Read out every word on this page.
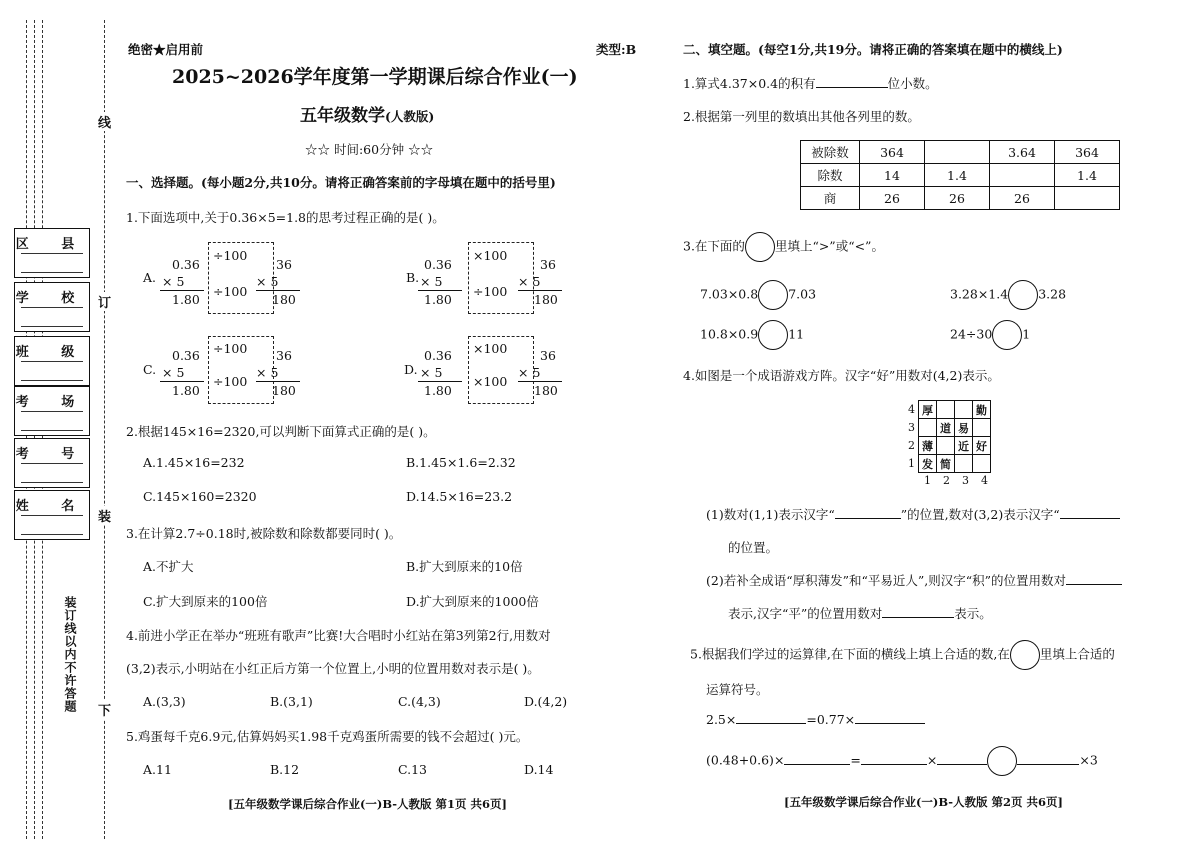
区 县
学 校
班 级
考 场
考 号
姓 名
线
订
装
下
装订线以内不许答题
绝密★启用前	类型:B
2025~2026学年度第一学期课后综合作业(一)
五年级数学(人教版)
☆☆ 时间:60分钟 ☆☆
一、选择题。(每小题2分,共10分。请将正确答案前的字母填在题中的括号里)
1.下面选项中,关于0.36×5=1.8的思考过程正确的是( )。
A.
0.36
× 5
1.80
÷100
÷100
36
× 5
180
B.
0.36
× 5
1.80
×100
÷100
36
× 5
180
C.
0.36
× 5
1.80
÷100
÷100
36
× 5
180
D.
0.36
× 5
1.80
×100
×100
36
× 5
180
2.根据145×16=2320,可以判断下面算式正确的是( )。
A.1.45×16=232	B.1.45×1.6=2.32
C.145×160=2320	D.14.5×16=23.2
3.在计算2.7÷0.18时,被除数和除数都要同时( )。
A.不扩大	B.扩大到原来的10倍
C.扩大到原来的100倍	D.扩大到原来的1000倍
4.前进小学正在举办“班班有歌声”比赛!大合唱时小红站在第3列第2行,用数对
(3,2)表示,小明站在小红正后方第一个位置上,小明的位置用数对表示是( )。
A.(3,3)	B.(3,1)	C.(4,3)	D.(4,2)
5.鸡蛋每千克6.9元,估算妈妈买1.98千克鸡蛋所需要的钱不会超过( )元。
A.11	B.12	C.13	D.14
[五年级数学课后综合作业(一)B-人教版 第1页 共6页]
二、填空题。(每空1分,共19分。请将正确的答案填在题中的横线上)
1.算式4.37×0.4的积有	位小数。
2.根据第一列里的数填出其他各列里的数。
被除数	364		3.64	364
除数	14	1.4		1.4
商	26	26	26	
3.在下面的 里填上“>”或“<”。
7.03×0.8 7.03	3.28×1.4 3.28
10.8×0.9 11	24÷30 1
4.如图是一个成语游戏方阵。汉字“好”用数对(4,2)表示。
4
3
2
1
厚			勤
	道	易	
薄		近	好
发	简		
1 2 3 4
(1)数对(1,1)表示汉字“	”的位置,数对(3,2)表示汉字“
的位置。
(2)若补全成语“厚积薄发”和“平易近人”,则汉字“积”的位置用数对
表示,汉字“平”的位置用数对	表示。
5.根据我们学过的运算律,在下面的横线上填上合适的数,在 里填上合适的
运算符号。
2.5×	=0.77×
(0.48+0.6)×	=	×	×3
[五年级数学课后综合作业(一)B-人教版 第2页 共6页]
